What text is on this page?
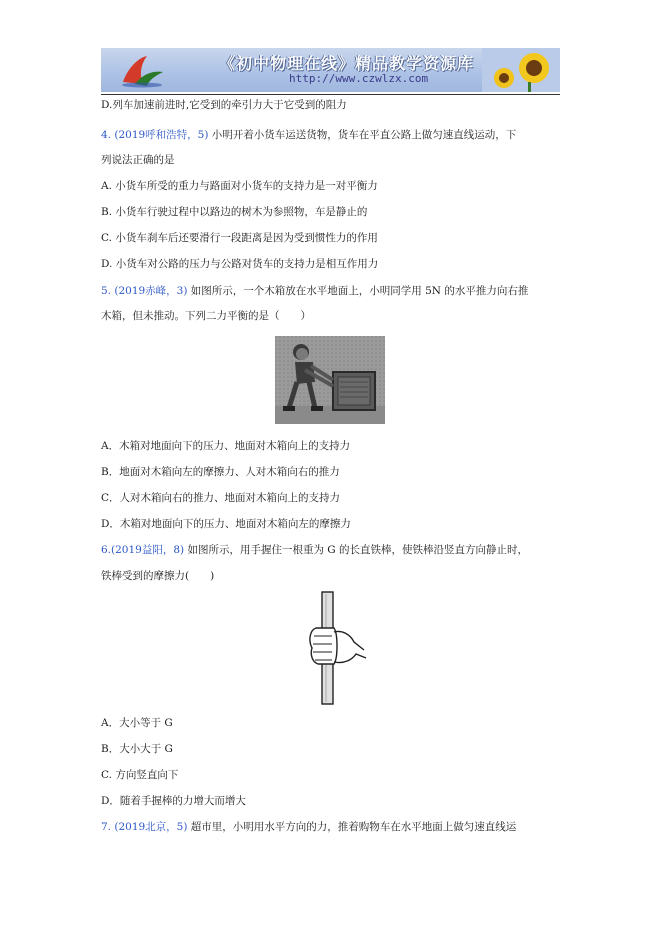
《初中物理在线》精品教学资源库
http://www.czwlzx.com
D.列车加速前进时,它受到的牵引力大于它受到的阻力
4. (2019呼和浩特，5) 小明开着小货车运送货物，货车在平直公路上做匀速直线运动，下
列说法正确的是
A. 小货车所受的重力与路面对小货车的支持力是一对平衡力
B. 小货车行驶过程中以路边的树木为参照物，车是静止的
C. 小货车刹车后还要滑行一段距离是因为受到惯性力的作用
D. 小货车对公路的压力与公路对货车的支持力是相互作用力
5. (2019赤峰，3) 如图所示，一个木箱放在水平地面上，小明同学用 5N 的水平推力向右推
木箱，但未推动。下列二力平衡的是（　　）
A．木箱对地面向下的压力、地面对木箱向上的支持力
B．地面对木箱向左的摩擦力、人对木箱向右的推力
C．人对木箱向右的推力、地面对木箱向上的支持力
D．木箱对地面向下的压力、地面对木箱向左的摩擦力
6.(2019益阳，8) 如图所示，用手握住一根重为 G 的长直铁棒，使铁棒沿竖直方向静止时，
铁棒受到的摩擦力(　　)
A．大小等于 G
B．大小大于 G
C. 方向竖直向下
D．随着手握棒的力增大而增大
7. (2019北京，5) 超市里，小明用水平方向的力，推着购物车在水平地面上做匀速直线运
